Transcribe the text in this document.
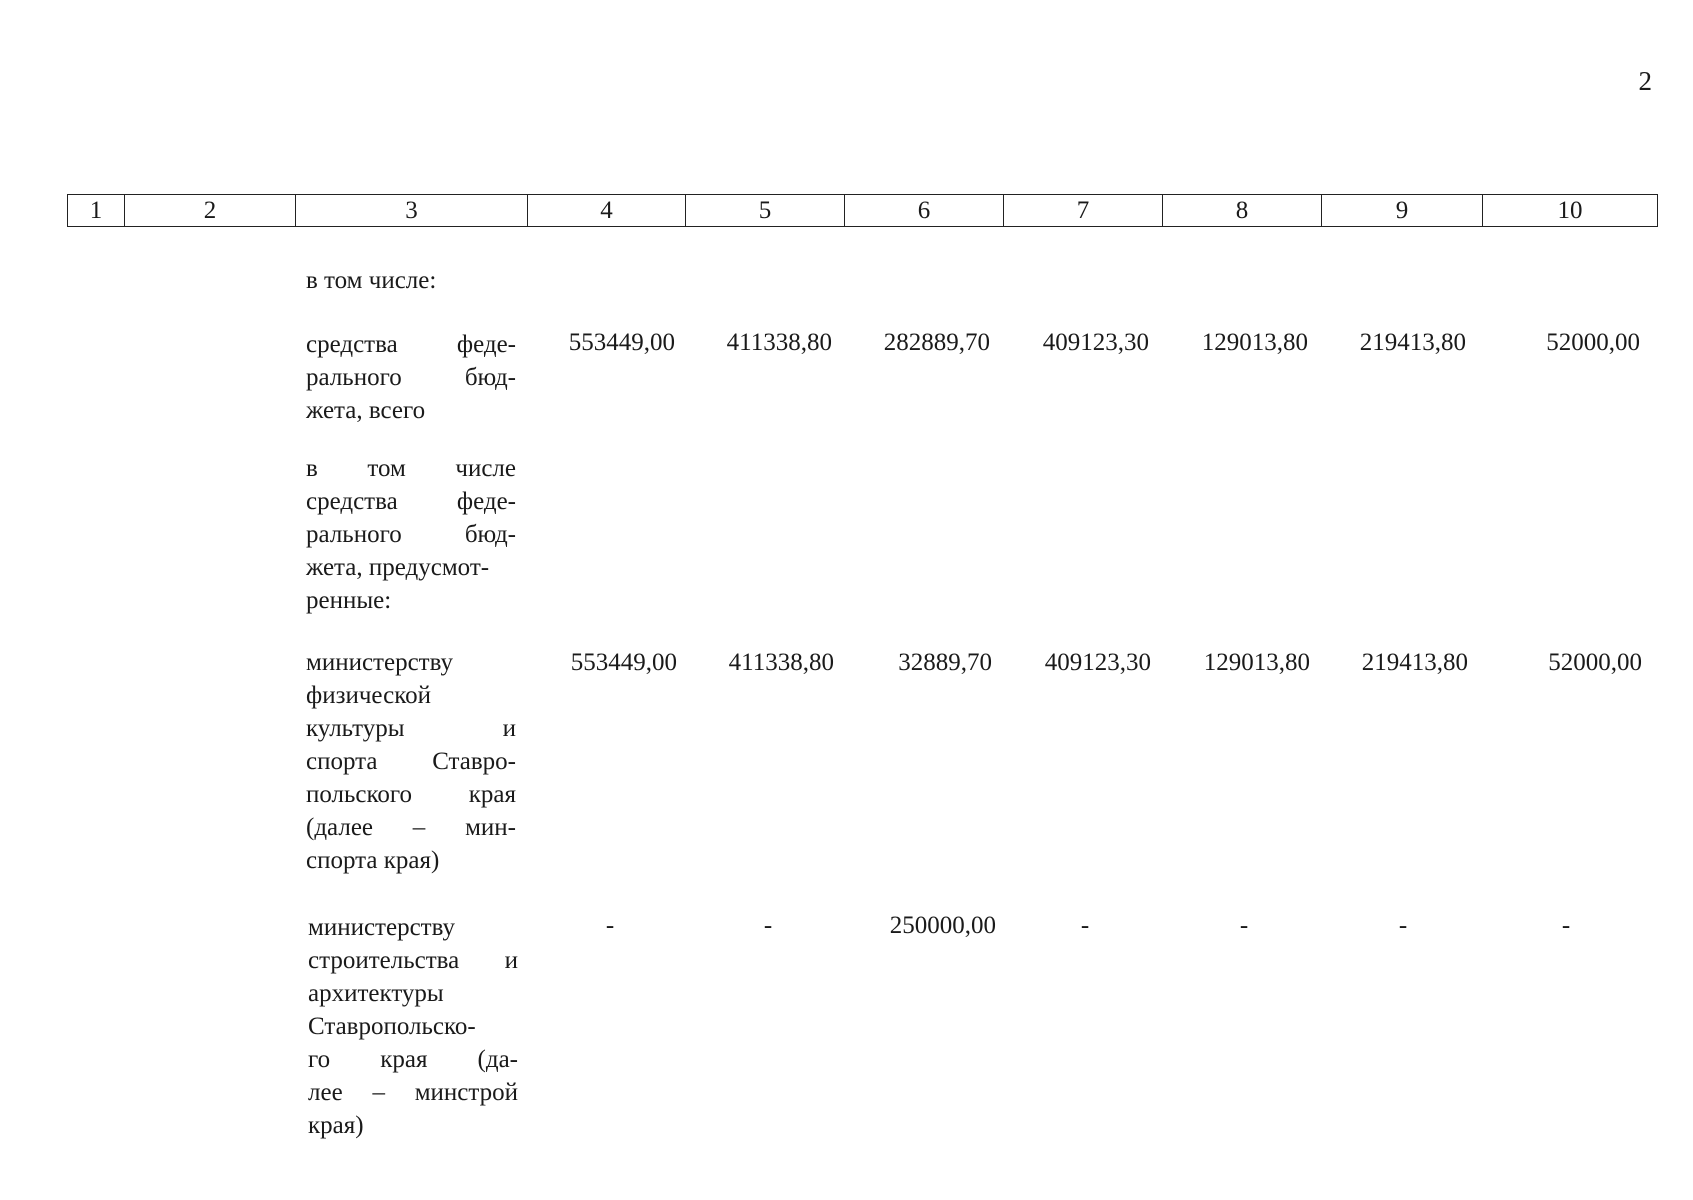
2
1	2	3	4	5	6	7	8	9	10
в том числе:
средства феде-
рального бюд-
жета, всего
553449,00	411338,80	282889,70	409123,30	129013,80	219413,80	52000,00
в том числе
средства феде-
рального бюд-
жета, предусмот-
ренные:
министерству
физической
культуры и
спорта Ставро-
польского края
(далее – мин-
спорта края)
553449,00	411338,80	32889,70	409123,30	129013,80	219413,80	52000,00
министерству
строительства и
архитектуры
Ставропольско-
го края (да-
лее – минстрой
края)
-	-	250000,00	-	-	-	-
